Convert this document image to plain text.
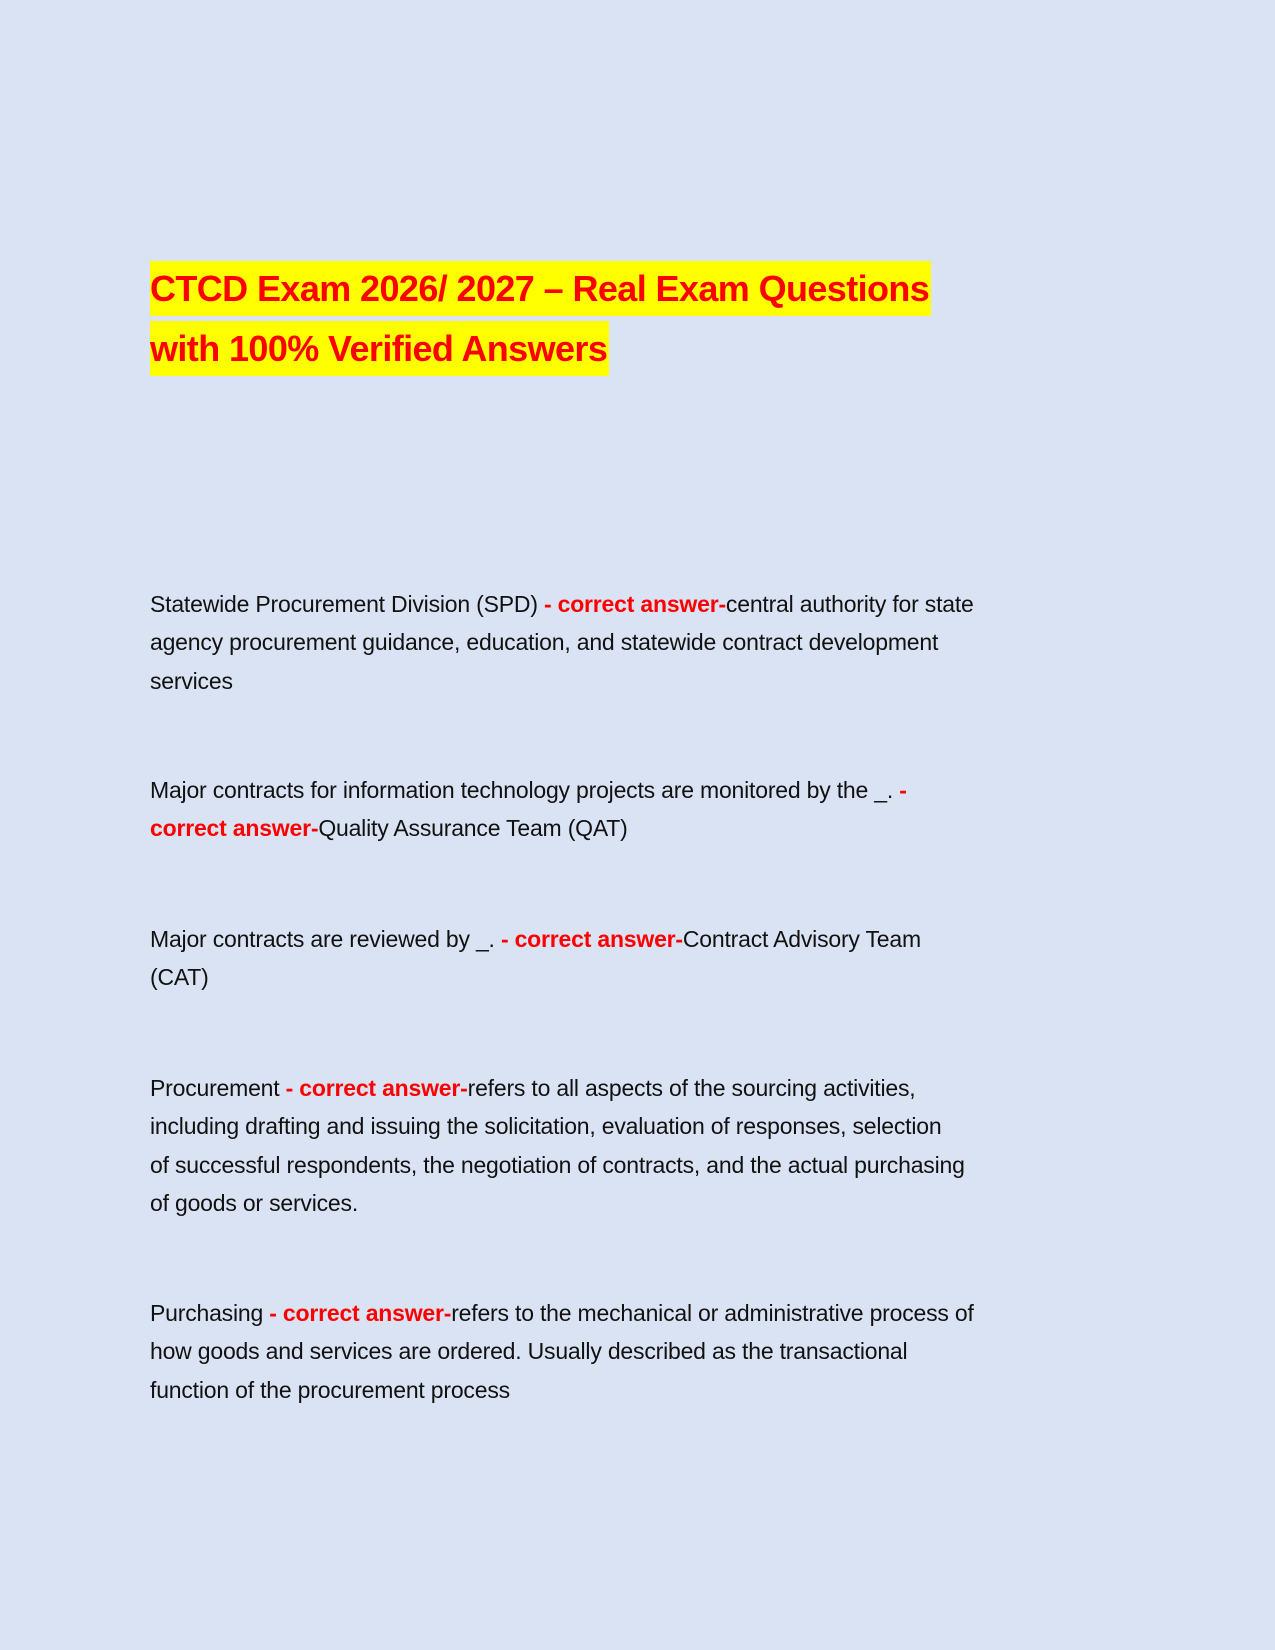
CTCD Exam 2026/ 2027 – Real Exam Questions
with 100% Verified Answers
Statewide Procurement Division (SPD) - correct answer-central authority for state
agency procurement guidance, education, and statewide contract development
services
Major contracts for information technology projects are monitored by the _. -
correct answer-Quality Assurance Team (QAT)
Major contracts are reviewed by _. - correct answer-Contract Advisory Team
(CAT)
Procurement - correct answer-refers to all aspects of the sourcing activities,
including drafting and issuing the solicitation, evaluation of responses, selection
of successful respondents, the negotiation of contracts, and the actual purchasing
of goods or services.
Purchasing - correct answer-refers to the mechanical or administrative process of
how goods and services are ordered. Usually described as the transactional
function of the procurement process
